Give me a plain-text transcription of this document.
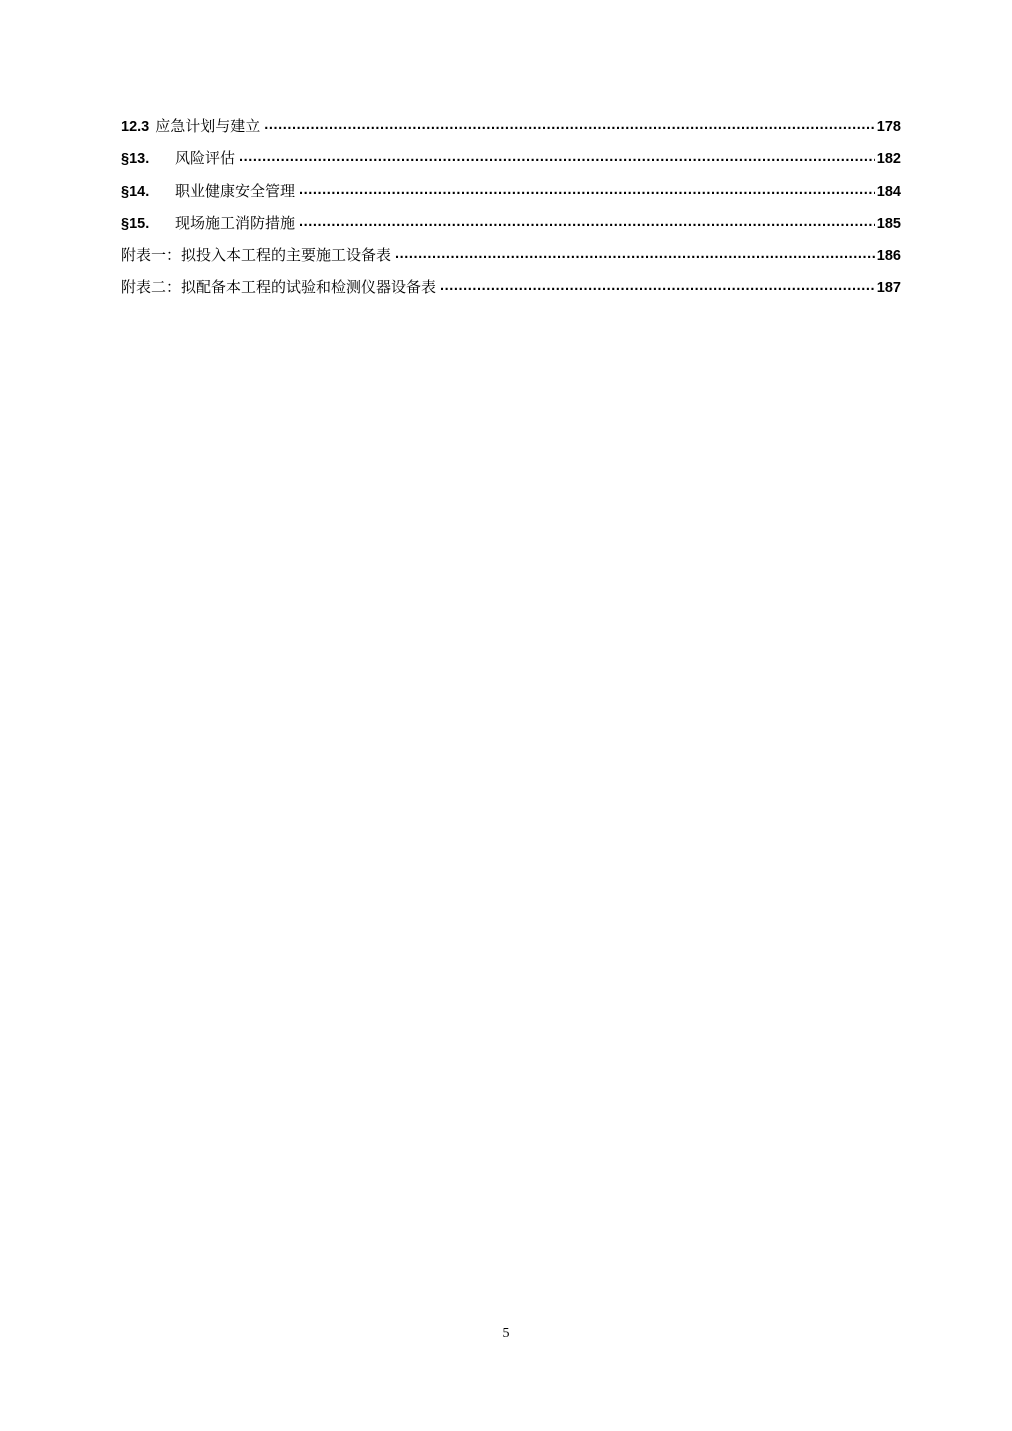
12.3 应急计划与建立 .....	178
§13.	风险评估 .....	182
§14.	职业健康安全管理 .....	184
§15.	现场施工消防措施 .....	185
附表一：拟投入本工程的主要施工设备表 .....	186
附表二：拟配备本工程的试验和检测仪器设备表 .....	187
5
